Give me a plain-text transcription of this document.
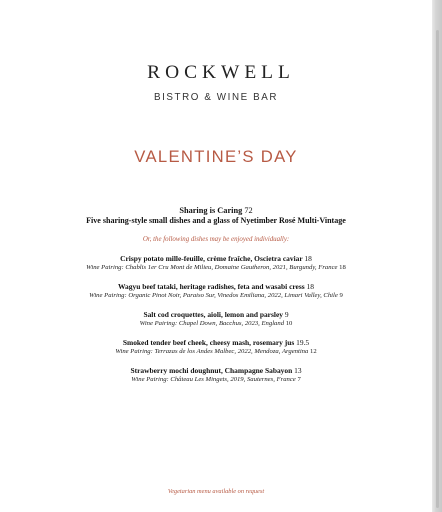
ROCKWELL
BISTRO & WINE BAR
VALENTINE’S DAY
Sharing is Caring 72
Five sharing-style small dishes and a glass of Nyetimber Rosé Multi-Vintage
Or, the following dishes may be enjoyed individually:
Crispy potato mille-feuille, crème fraîche, Oscietra caviar 18
Wine Pairing: Chablis 1er Cru Mont de Milieu, Domaine Gautheron, 2021, Burgundy, France 18
Wagyu beef tataki, heritage radishes, feta and wasabi cress 18
Wine Pairing: Organic Pinot Noir, Paraiso Sur, Vinedos Emiliana, 2022, Limari Valley, Chile 9
Salt cod croquettes, aioli, lemon and parsley 9
Wine Pairing: Chapel Down, Bacchus, 2023, England 10
Smoked tender beef cheek, cheesy mash, rosemary jus 19.5
Wine Pairing: Terrazas de los Andes Malbec, 2022, Mendoza, Argentina 12
Strawberry mochi doughnut, Champagne Sabayon 13
Wine Pairing: Château Les Mingets, 2019, Sauternes, France 7
Vegetarian menu available on request
